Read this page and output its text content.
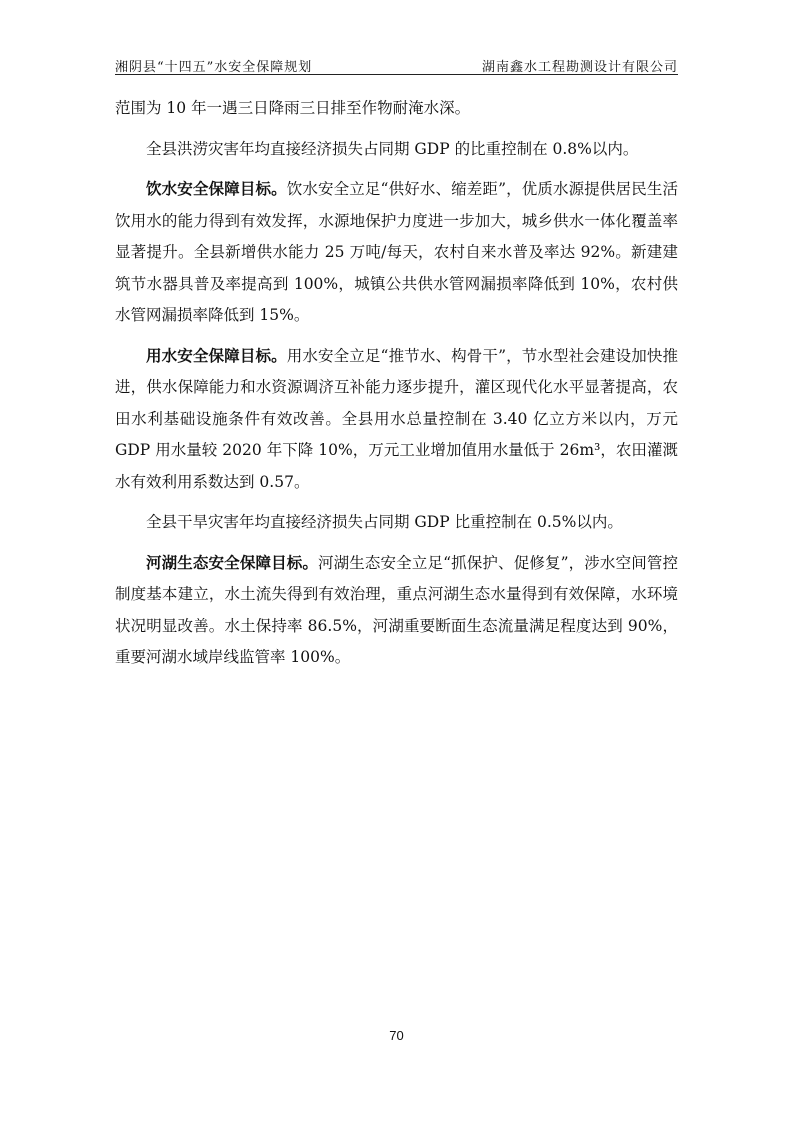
湘阴县“十四五”水安全保障规划	湖南鑫水工程勘测设计有限公司

范围为 10 年一遇三日降雨三日排至作物耐淹水深。

全县洪涝灾害年均直接经济损失占同期 GDP 的比重控制在 0.8%以内。

饮水安全保障目标。饮水安全立足“供好水、缩差距”，优质水源提供居民生活饮用水的能力得到有效发挥，水源地保护力度进一步加大，城乡供水一体化覆盖率显著提升。全县新增供水能力 25 万吨/每天，农村自来水普及率达 92%。新建建筑节水器具普及率提高到 100%，城镇公共供水管网漏损率降低到 10%，农村供水管网漏损率降低到 15%。

用水安全保障目标。用水安全立足“推节水、构骨干”，节水型社会建设加快推进，供水保障能力和水资源调济互补能力逐步提升，灌区现代化水平显著提高，农田水利基础设施条件有效改善。全县用水总量控制在 3.40 亿立方米以内，万元 GDP 用水量较 2020 年下降 10%，万元工业增加值用水量低于 26m³，农田灌溉水有效利用系数达到 0.57。

全县干旱灾害年均直接经济损失占同期 GDP 比重控制在 0.5%以内。

河湖生态安全保障目标。河湖生态安全立足“抓保护、促修复”，涉水空间管控制度基本建立，水土流失得到有效治理，重点河湖生态水量得到有效保障，水环境状况明显改善。水土保持率 86.5%，河湖重要断面生态流量满足程度达到 90%，重要河湖水域岸线监管率 100%。

70
